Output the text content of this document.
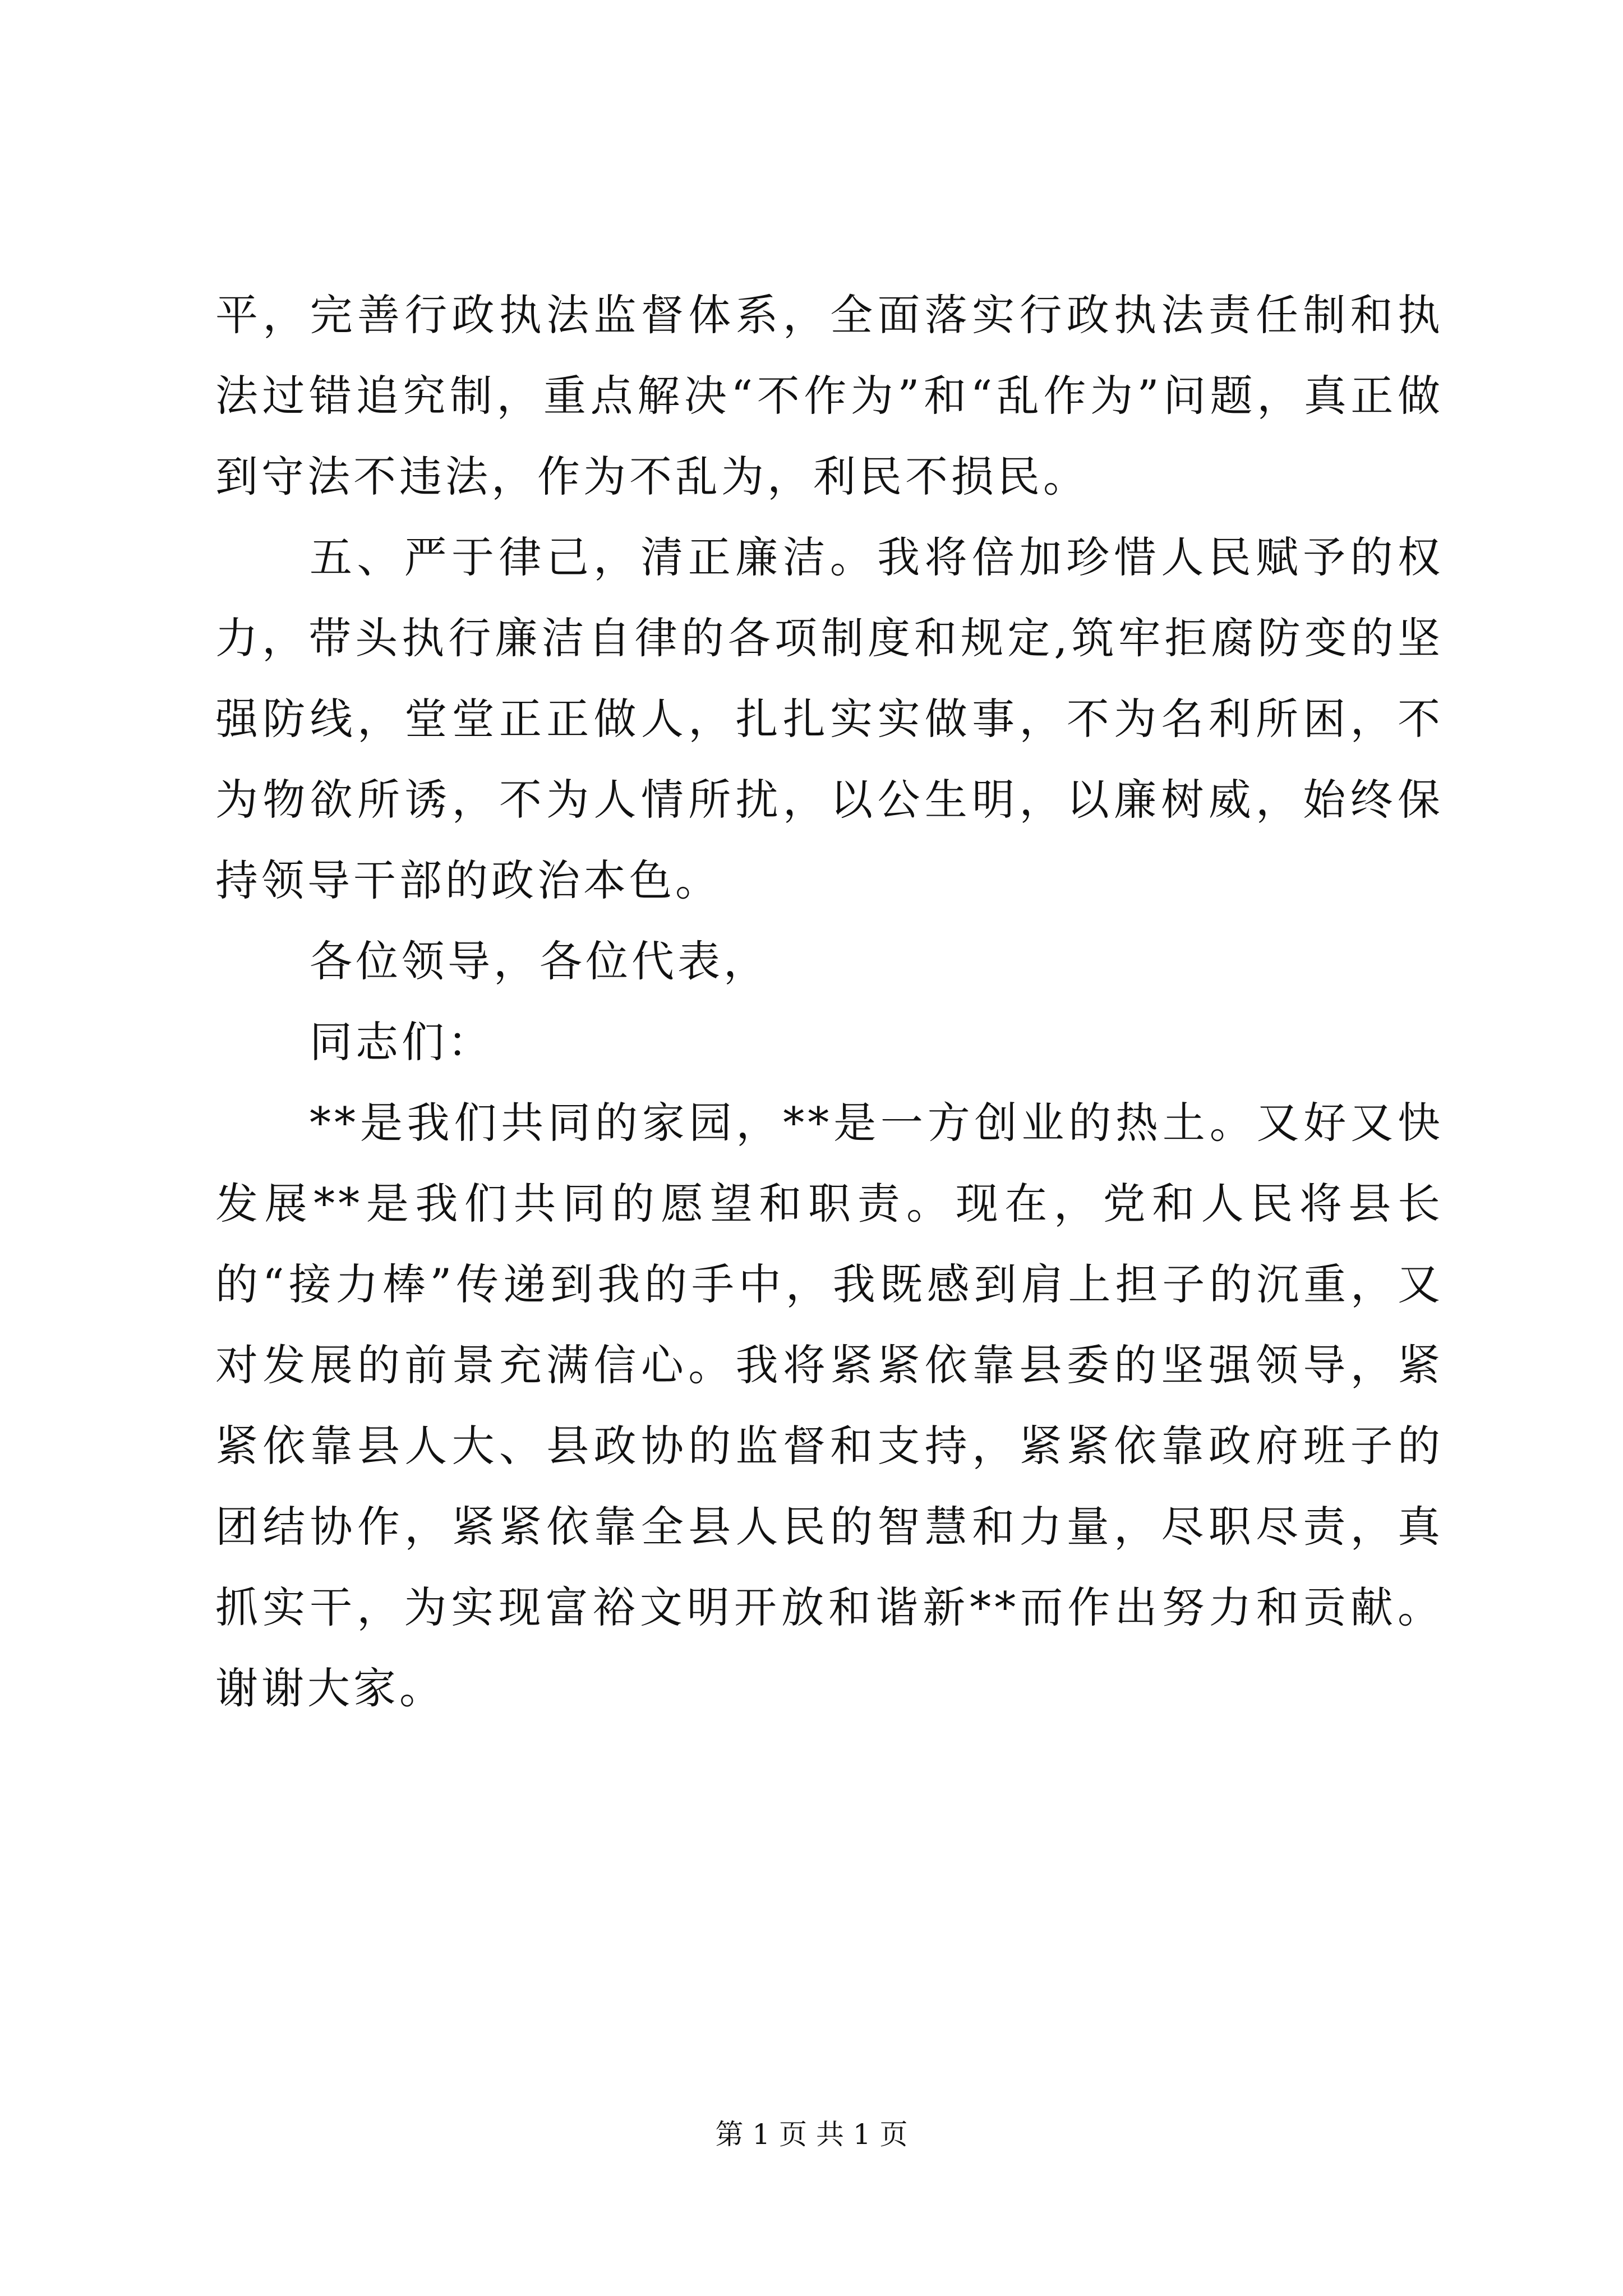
平，完善行政执法监督体系，全面落实行政执法责任制和执法过错追究制，重点解决“不作为”和“乱作为”问题，真正做到守法不违法，作为不乱为，利民不损民。

五、严于律己，清正廉洁。我将倍加珍惜人民赋予的权力，带头执行廉洁自律的各项制度和规定,筑牢拒腐防变的坚强防线，堂堂正正做人，扎扎实实做事，不为名利所困，不为物欲所诱，不为人情所扰，以公生明，以廉树威，始终保持领导干部的政治本色。

各位领导，各位代表，

同志们：

**是我们共同的家园，**是一方创业的热土。又好又快发展**是我们共同的愿望和职责。现在，党和人民将县长的“接力棒”传递到我的手中，我既感到肩上担子的沉重，又对发展的前景充满信心。我将紧紧依靠县委的坚强领导，紧紧依靠县人大、县政协的监督和支持，紧紧依靠政府班子的团结协作，紧紧依靠全县人民的智慧和力量，尽职尽责，真抓实干，为实现富裕文明开放和谐新**而作出努力和贡献。谢谢大家。

第 1 页 共 1 页
